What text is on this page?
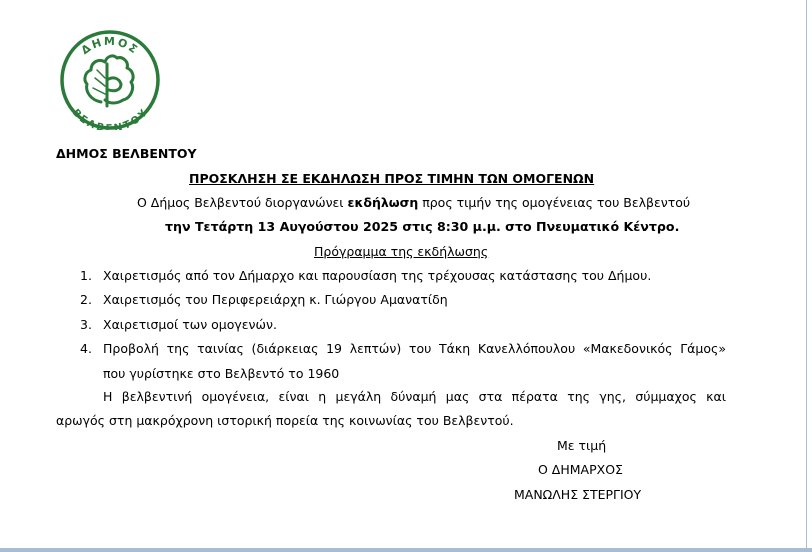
ΔΗΜΟΣ
ΒΕΛΒΕΝΤΟΥ
ΔΗΜΟΣ ΒΕΛΒΕΝΤΟΥ
ΠΡΟΣΚΛΗΣΗ ΣΕ ΕΚΔΗΛΩΣΗ ΠΡΟΣ ΤΙΜΗΝ ΤΩΝ ΟΜΟΓΕΝΩΝ
Ο Δήμος Βελβεντού διοργανώνει εκδήλωση προς τιμήν της ομογένειας του Βελβεντού
την Τετάρτη 13 Αυγούστου 2025 στις 8:30 μ.μ. στο Πνευματικό Κέντρο.
Πρόγραμμα της εκδήλωσης
1. Χαιρετισμός από τον Δήμαρχο και παρουσίαση της τρέχουσας κατάστασης του Δήμου.
2. Χαιρετισμός του Περιφερειάρχη κ. Γιώργου Αμανατίδη
3. Χαιρετισμοί των ομογενών.
4. Προβολή της ταινίας (διάρκειας 19 λεπτών) του Τάκη Κανελλόπουλου «Μακεδονικός Γάμος»
που γυρίστηκε στο Βελβεντό το 1960
Η βελβεντινή ομογένεια, είναι η μεγάλη δύναμή μας στα πέρατα της γης, σύμμαχος και
αρωγός στη μακρόχρονη ιστορική πορεία της κοινωνίας του Βελβεντού.
Με τιμή
Ο ΔΗΜΑΡΧΟΣ
ΜΑΝΩΛΗΣ ΣΤΕΡΓΙΟΥ
